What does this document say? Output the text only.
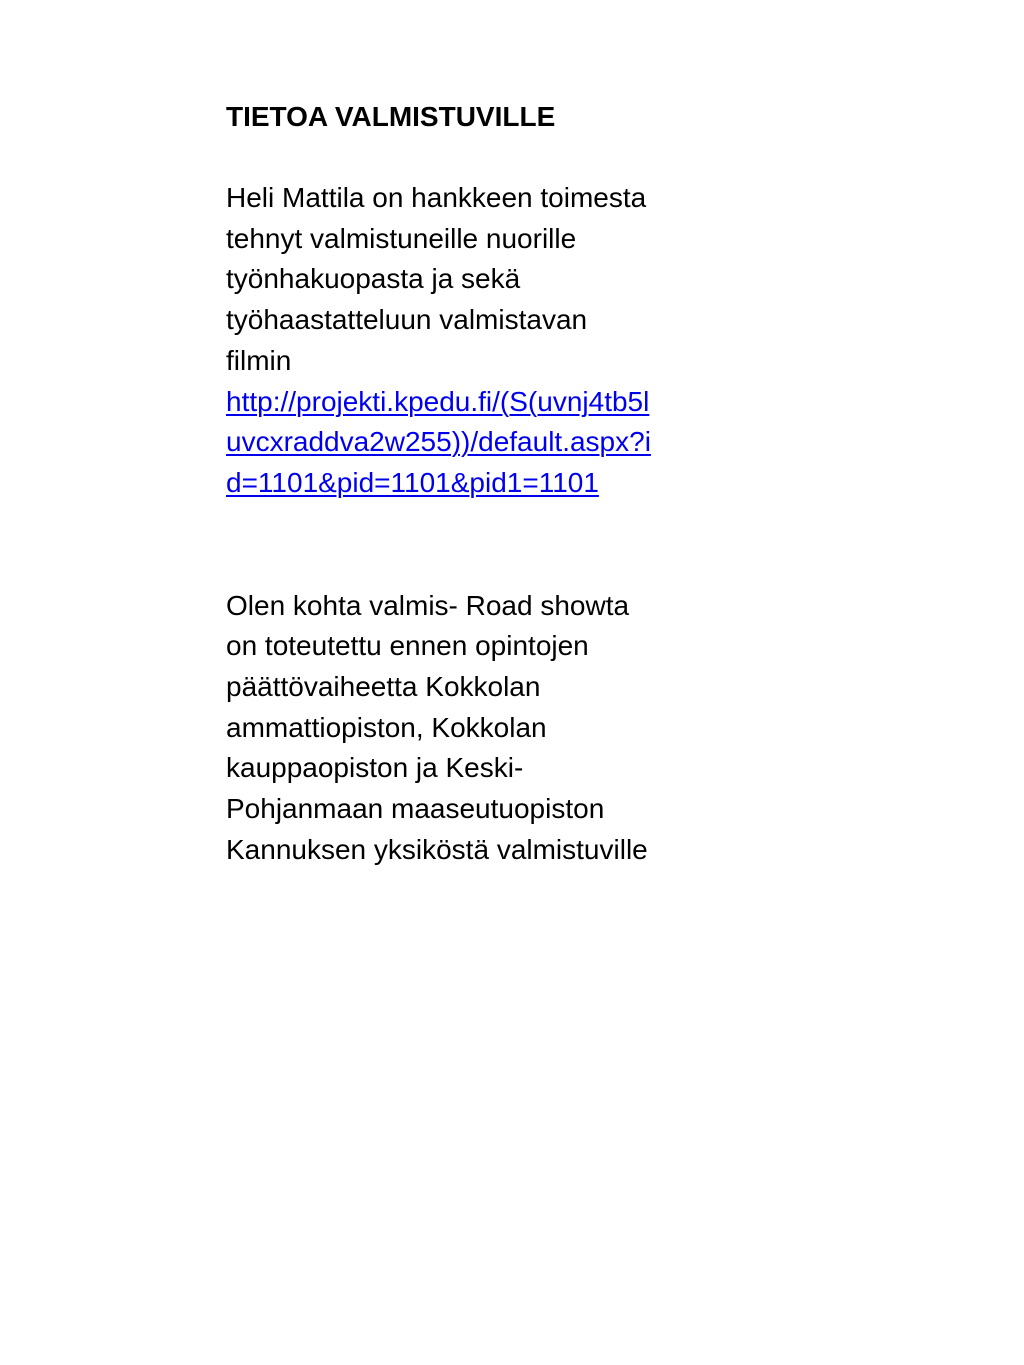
TIETOA VALMISTUVILLE
Heli Mattila on hankkeen toimesta
tehnyt valmistuneille nuorille
työnhakuopasta ja sekä
työhaastatteluun valmistavan
filmin
http://projekti.kpedu.fi/(S(uvnj4tb5l
uvcxraddva2w255))/default.aspx?i
d=1101&pid=1101&pid1=1101
Olen kohta valmis- Road showta
on toteutettu ennen opintojen
päättövaiheetta Kokkolan
ammattiopiston, Kokkolan
kauppaopiston ja Keski-
Pohjanmaan maaseutuopiston
Kannuksen yksiköstä valmistuville
